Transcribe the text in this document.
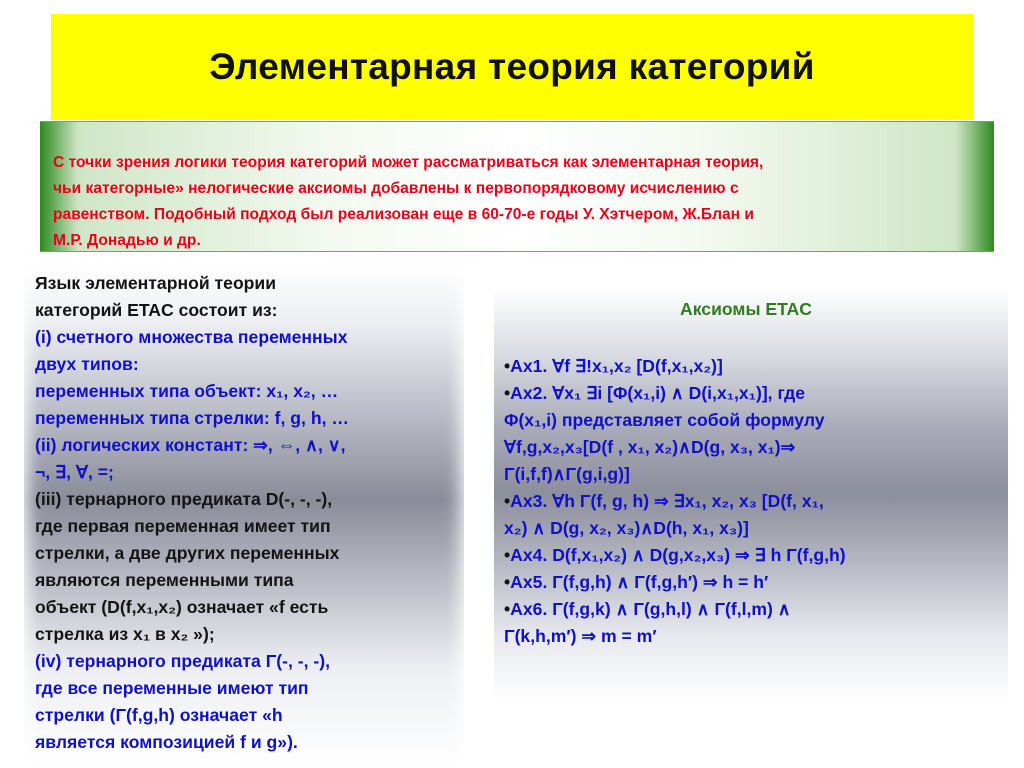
Элементарная теория категорий

С точки зрения логики теория категорий может рассматриваться как элементарная теория,
чьи категорные» нелогические аксиомы добавлены к первопорядковому исчислению с
равенством. Подобный подход был реализован еще в 60-70-е годы У. Хэтчером, Ж.Блан и
М.Р. Донадью и др.

Язык элементарной теории
категорий ETAC состоит из:
(i) счетного множества переменных
двух типов:
переменных типа объект: x₁, x₂, …
переменных типа стрелки: f, g, h, …
(ii) логических констант: ⇒, ⇔, ∧, ∨,
¬, ∃, ∀, =;
(iii) тернарного предиката D(-, -, -),
где первая переменная имеет тип
стрелки, а две других переменных
являются переменными типа
объект (D(f,x₁,x₂) означает «f есть
стрелка из x₁ в x₂ »);
(iv) тернарного предиката Γ(-, -, -),
где все переменные имеют тип
стрелки (Γ(f,g,h) означает «h
является композицией f и g»).
Аксиомы ETAC
•Ax1. ∀f ∃!x₁,x₂ [D(f,x₁,x₂)]
•Ax2. ∀x₁ ∃i [Φ(x₁,i) ∧ D(i,x₁,x₁)], где
Φ(x₁,i) представляет собой формулу
∀f,g,x₂,x₃[D(f , x₁, x₂)∧D(g, x₃, x₁)⇒
Γ(i,f,f)∧Γ(g,i,g)]
•Ax3. ∀h Γ(f, g, h) ⇒ ∃x₁, x₂, x₃ [D(f, x₁,
x₂) ∧ D(g, x₂, x₃)∧D(h, x₁, x₃)]
•Ax4. D(f,x₁,x₂) ∧ D(g,x₂,x₃) ⇒ ∃ h Γ(f,g,h)
•Ax5. Γ(f,g,h) ∧ Γ(f,g,h′) ⇒ h = h′
•Ax6. Γ(f,g,k) ∧ Γ(g,h,l) ∧ Γ(f,l,m) ∧
Γ(k,h,m′) ⇒ m = m′
